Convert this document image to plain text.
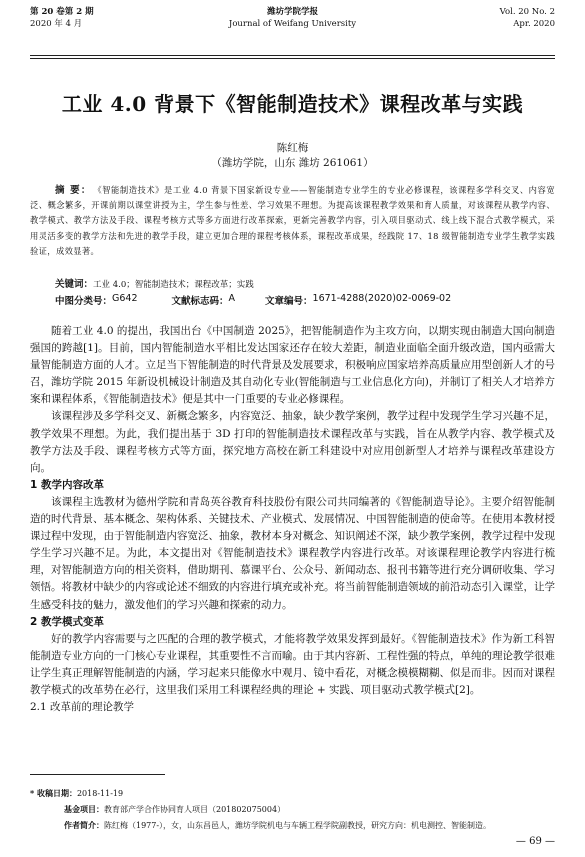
第 20 卷第 2 期	潍坊学院学报	Vol. 20 No. 2
2020 年 4 月	Journal of Weifang University	Apr. 2020
工业 4.0 背景下《智能制造技术》课程改革与实践
陈红梅
（潍坊学院，山东 潍坊 261061）
摘 要： 《智能制造技术》是工业 4.0 背景下国家新设专业——智能制造专业学生的专业必修课程，该课程多学科交叉、内容宽泛、概念繁多，开课前期以课堂讲授为主，学生参与性差、学习效果不理想。为提高该课程教学效果和育人质量，对该课程从教学内容、教学模式、教学方法及手段、课程考核方式等多方面进行改革探索，更新完善教学内容，引入项目驱动式、线上线下混合式教学模式，采用灵活多变的教学方法和先进的教学手段，建立更加合理的课程考核体系，课程改革成果，经践院 17、18 级智能制造专业学生教学实践验证，成效显著。
关键词：工业 4.0；智能制造技术；课程改革；实践
中图分类号： G642	文献标志码： A	文章编号： 1671-4288(2020)02-0069-02

随着工业 4.0 的提出，我国出台《中国制造 2025》，把智能制造作为主攻方向，以期实现由制造大国向制造强国的跨越[1]。目前，国内智能制造水平相比发达国家还存在较大差距，制造业面临全面升级改造，国内亟需大量智能制造方面的人才。立足当下智能制造的时代背景及发展要求，积极响应国家培养高质量应用型创新人才的号召，潍坊学院 2015 年新设机械设计制造及其自动化专业(智能制造与工业信息化方向)，并制订了相关人才培养方案和课程体系，《智能制造技术》便是其中一门重要的专业必修课程。

该课程涉及多学科交叉、新概念繁多，内容宽泛、抽象，缺少教学案例，教学过程中发现学生学习兴趣不足，教学效果不理想。为此，我们提出基于 3D 打印的智能制造技术课程改革与实践，旨在从教学内容、教学模式及教学方法及手段、课程考核方式等方面，探究地方高校在新工科建设中对应用创新型人才培养与课程改革建设方向。

1 教学内容改革

该课程主选教材为德州学院和青岛英谷教育科技股份有限公司共同编著的《智能制造导论》。主要介绍智能制造的时代背景、基本概念、架构体系、关键技术、产业模式、发展情况、中国智能制造的使命等。在使用本教材授课过程中发现，由于智能制造内容宽泛、抽象，教材本身对概念、知识阐述不深，缺少教学案例，教学过程中发现学生学习兴趣不足。为此，本文提出对《智能制造技术》课程教学内容进行改革。对该课程理论教学内容进行梳理，对智能制造方向的相关资料，借助期刊、慕课平台、公众号、新闻动态、报刊书籍等进行充分调研收集、学习领悟。将教材中缺少的内容或论述不细致的内容进行填充或补充。将当前智能制造领域的前沿动态引入课堂，让学生感受科技的魅力，激发他们的学习兴趣和探索的动力。

2 教学模式变革

好的教学内容需要与之匹配的合理的教学模式，才能将教学效果发挥到最好。《智能制造技术》作为新工科智能制造专业方向的一门核心专业课程，其重要性不言而喻。由于其内容新、工程性强的特点，单纯的理论教学很难让学生真正理解智能制造的内涵，学习起来只能像水中观月、镜中看花，对概念模模糊糊、似是而非。因而对课程教学模式的改革势在必行，这里我们采用工科课程经典的理论 + 实践、项目驱动式教学模式[2]。

2.1 改革前的理论教学
* 收稿日期：2018-11-19
基金项目：教育部产学合作协同育人项目（201802075004）
作者简介：陈红梅（1977-），女，山东昌邑人，潍坊学院机电与车辆工程学院副教授，研究方向：机电测控、智能制造。
— 69 —
